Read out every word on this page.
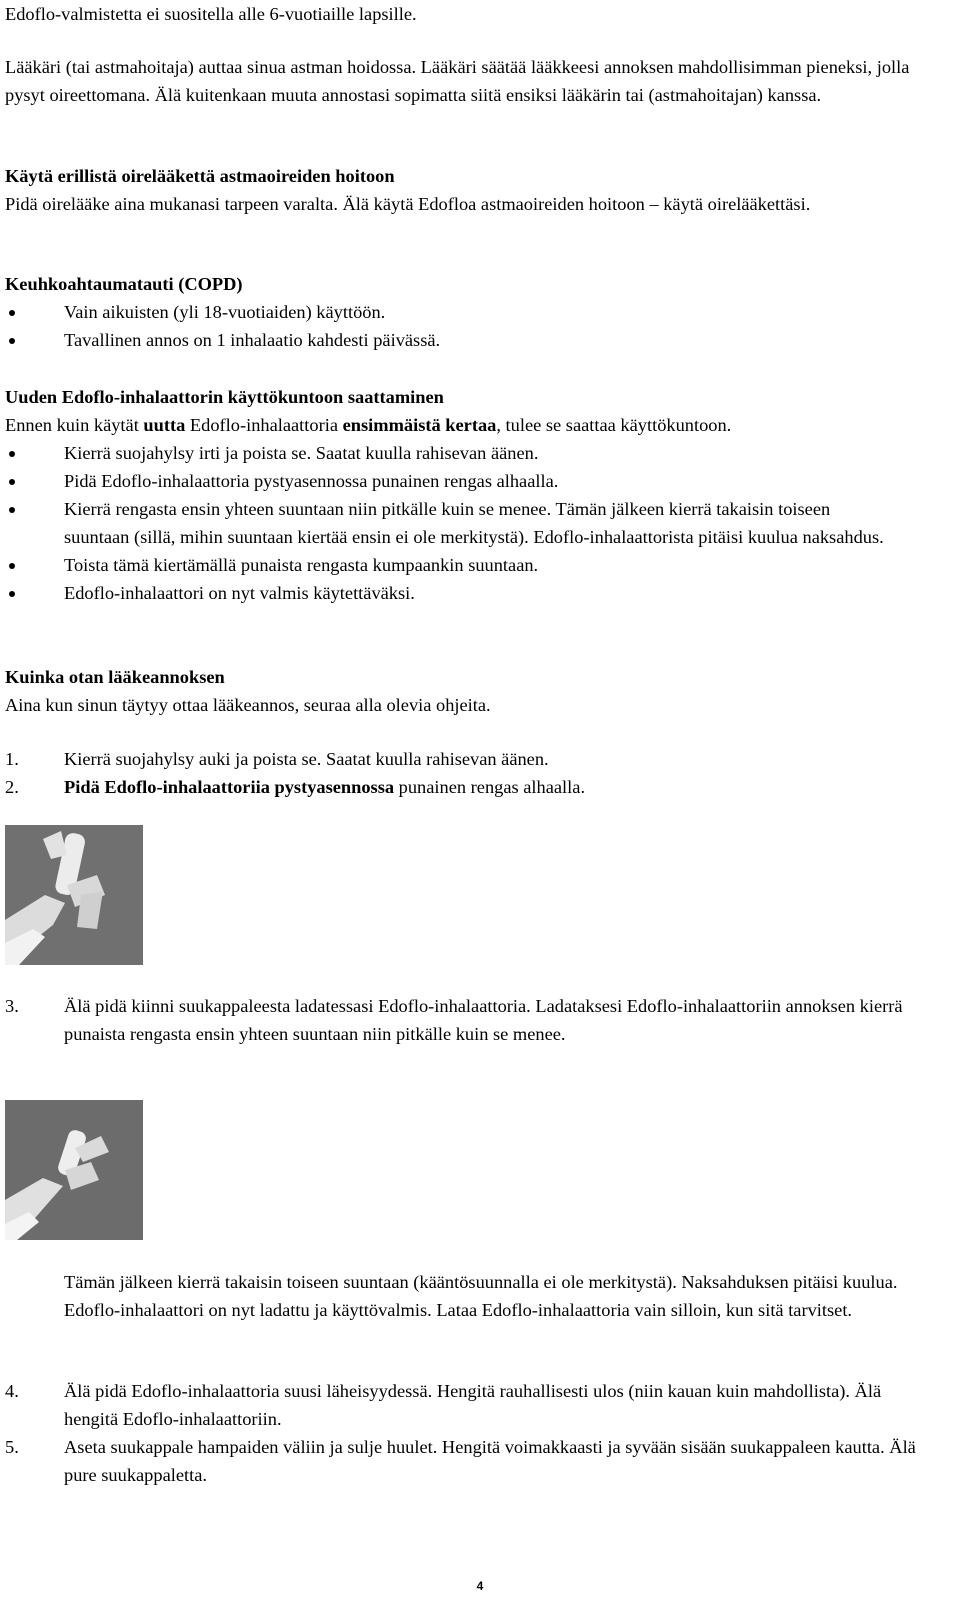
Edoflo-valmistetta ei suositella alle 6-vuotiaille lapsille.

Lääkäri (tai astmahoitaja) auttaa sinua astman hoidossa. Lääkäri säätää lääkkeesi annoksen mahdollisimman pieneksi, jolla pysyt oireettomana. Älä kuitenkaan muuta annostasi sopimatta siitä ensiksi lääkärin tai (astmahoitajan) kanssa.

Käytä erillistä oirelääkettä astmaoireiden hoitoon

Pidä oirelääke aina mukanasi tarpeen varalta. Älä käytä Edofloa astmaoireiden hoitoon – käytä oirelääkettäsi.

Keuhkoahtaumatauti (COPD)

Vain aikuisten (yli 18-vuotiaiden) käyttöön.
Tavallinen annos on 1 inhalaatio kahdesti päivässä.

Uuden Edoflo-inhalaattorin käyttökuntoon saattaminen

Ennen kuin käytät uutta Edoflo-inhalaattoria ensimmäistä kertaa, tulee se saattaa käyttökuntoon.

Kierrä suojahylsy irti ja poista se. Saatat kuulla rahisevan äänen.
Pidä Edoflo-inhalaattoria pystyasennossa punainen rengas alhaalla.
Kierrä rengasta ensin yhteen suuntaan niin pitkälle kuin se menee. Tämän jälkeen kierrä takaisin toiseen suuntaan (sillä, mihin suuntaan kiertää ensin ei ole merkitystä). Edoflo-inhalaattorista pitäisi kuulua naksahdus.
Toista tämä kiertämällä punaista rengasta kumpaankin suuntaan.
Edoflo-inhalaattori on nyt valmis käytettäväksi.

Kuinka otan lääkeannoksen

Aina kun sinun täytyy ottaa lääkeannos, seuraa alla olevia ohjeita.

1. Kierrä suojahylsy auki ja poista se. Saatat kuulla rahisevan äänen.
2. Pidä Edoflo-inhalaattoriia pystyasennossa punainen rengas alhaalla.
3. Älä pidä kiinni suukappaleesta ladatessasi Edoflo-inhalaattoria. Ladataksesi Edoflo-inhalaattoriin annoksen kierrä punaista rengasta ensin yhteen suuntaan niin pitkälle kuin se menee.

Tämän jälkeen kierrä takaisin toiseen suuntaan (kääntösuunnalla ei ole merkitystä). Naksahduksen pitäisi kuulua. Edoflo-inhalaattori on nyt ladattu ja käyttövalmis. Lataa Edoflo-inhalaattoria vain silloin, kun sitä tarvitset.

4. Älä pidä Edoflo-inhalaattoria suusi läheisyydessä. Hengitä rauhallisesti ulos (niin kauan kuin mahdollista). Älä hengitä Edoflo-inhalaattoriin.
5. Aseta suukappale hampaiden väliin ja sulje huulet. Hengitä voimakkaasti ja syvään sisään suukappaleen kautta. Älä pure suukappaletta.
4
